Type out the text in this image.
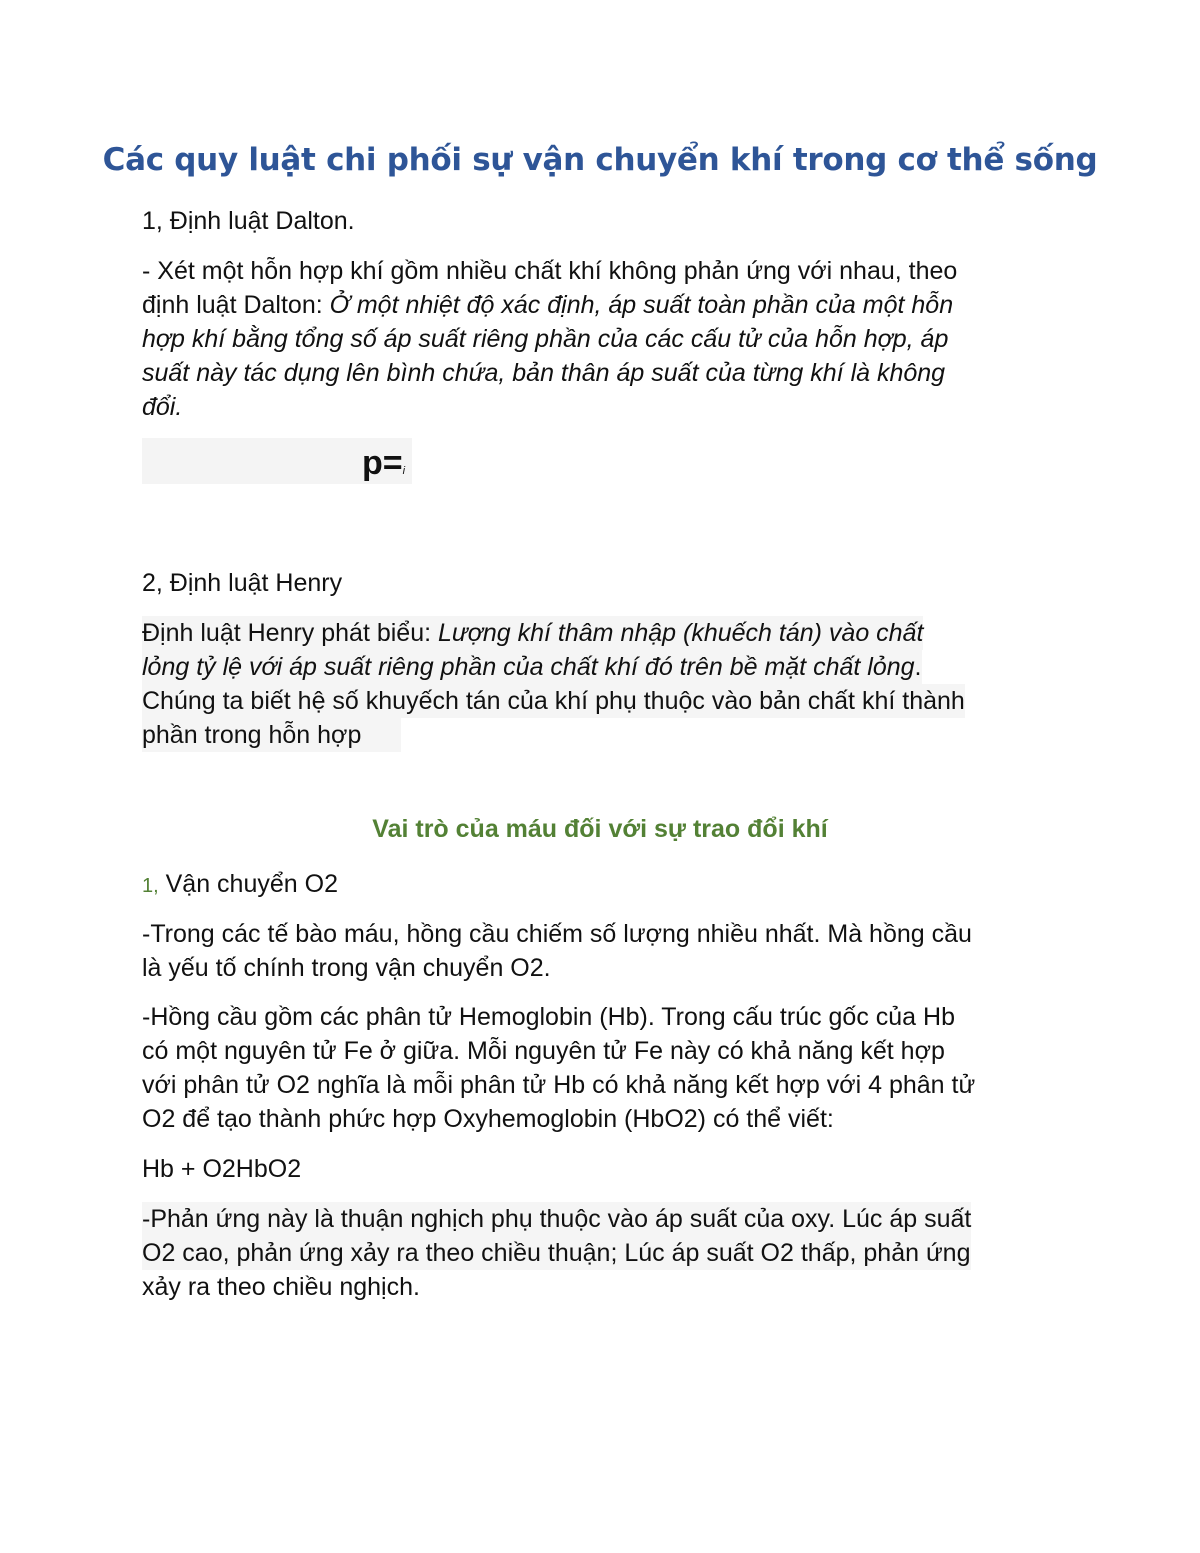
Các quy luật chi phối sự vận chuyển khí trong cơ thể sống
1, Định luật Dalton.
- Xét một hỗn hợp khí gồm nhiều chất khí không phản ứng với nhau, theo
định luật Dalton: Ở một nhiệt độ xác định, áp suất toàn phần của một hỗn
hợp khí bằng tổng số áp suất riêng phần của các cấu tử của hỗn hợp, áp
suất này tác dụng lên bình chứa, bản thân áp suất của từng khí là không
đổi.
p=i
2, Định luật Henry
Định luật Henry phát biểu: Lượng khí thâm nhập (khuếch tán) vào chất
lỏng tỷ lệ với áp suất riêng phần của chất khí đó trên bề mặt chất lỏng.
Chúng ta biết hệ số khuyếch tán của khí phụ thuộc vào bản chất khí thành
phần trong hỗn hợp
Vai trò của máu đối với sự trao đổi khí
1, Vận chuyển O2
-Trong các tế bào máu, hồng cầu chiếm số lượng nhiều nhất. Mà hồng cầu
là yếu tố chính trong vận chuyển O2.
-Hồng cầu gồm các phân tử Hemoglobin (Hb). Trong cấu trúc gốc của Hb
có một nguyên tử Fe ở giữa. Mỗi nguyên tử Fe này có khả năng kết hợp
với phân tử O2 nghĩa là mỗi phân tử Hb có khả năng kết hợp với 4 phân tử
O2 để tạo thành phức hợp Oxyhemoglobin (HbO2) có thể viết:
Hb + O2HbO2
-Phản ứng này là thuận nghịch phụ thuộc vào áp suất của oxy. Lúc áp suất
O2 cao, phản ứng xảy ra theo chiều thuận; Lúc áp suất O2 thấp, phản ứng
xảy ra theo chiều nghịch.
